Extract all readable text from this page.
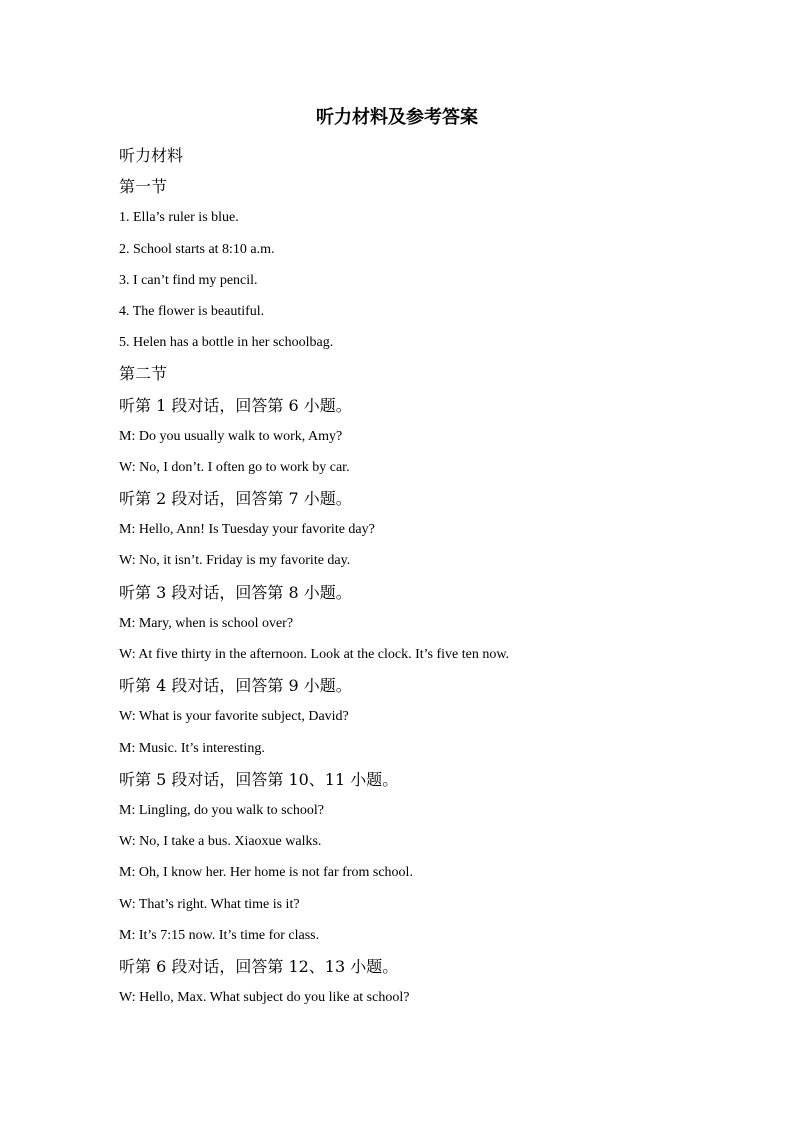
听力材料及参考答案
听力材料
第一节
1. Ella’s ruler is blue.
2. School starts at 8:10 a.m.
3. I can’t find my pencil.
4. The flower is beautiful.
5. Helen has a bottle in her schoolbag.
第二节
听第 1 段对话，回答第 6 小题。
M: Do you usually walk to work, Amy?
W: No, I don’t. I often go to work by car.
听第 2 段对话，回答第 7 小题。
M: Hello, Ann! Is Tuesday your favorite day?
W: No, it isn’t. Friday is my favorite day.
听第 3 段对话，回答第 8 小题。
M: Mary, when is school over?
W: At five thirty in the afternoon. Look at the clock. It’s five ten now.
听第 4 段对话，回答第 9 小题。
W: What is your favorite subject, David?
M: Music. It’s interesting.
听第 5 段对话，回答第 10、11 小题。
M: Lingling, do you walk to school?
W: No, I take a bus. Xiaoxue walks.
M: Oh, I know her. Her home is not far from school.
W: That’s right. What time is it?
M: It’s 7:15 now. It’s time for class.
听第 6 段对话，回答第 12、13 小题。
W: Hello, Max. What subject do you like at school?
